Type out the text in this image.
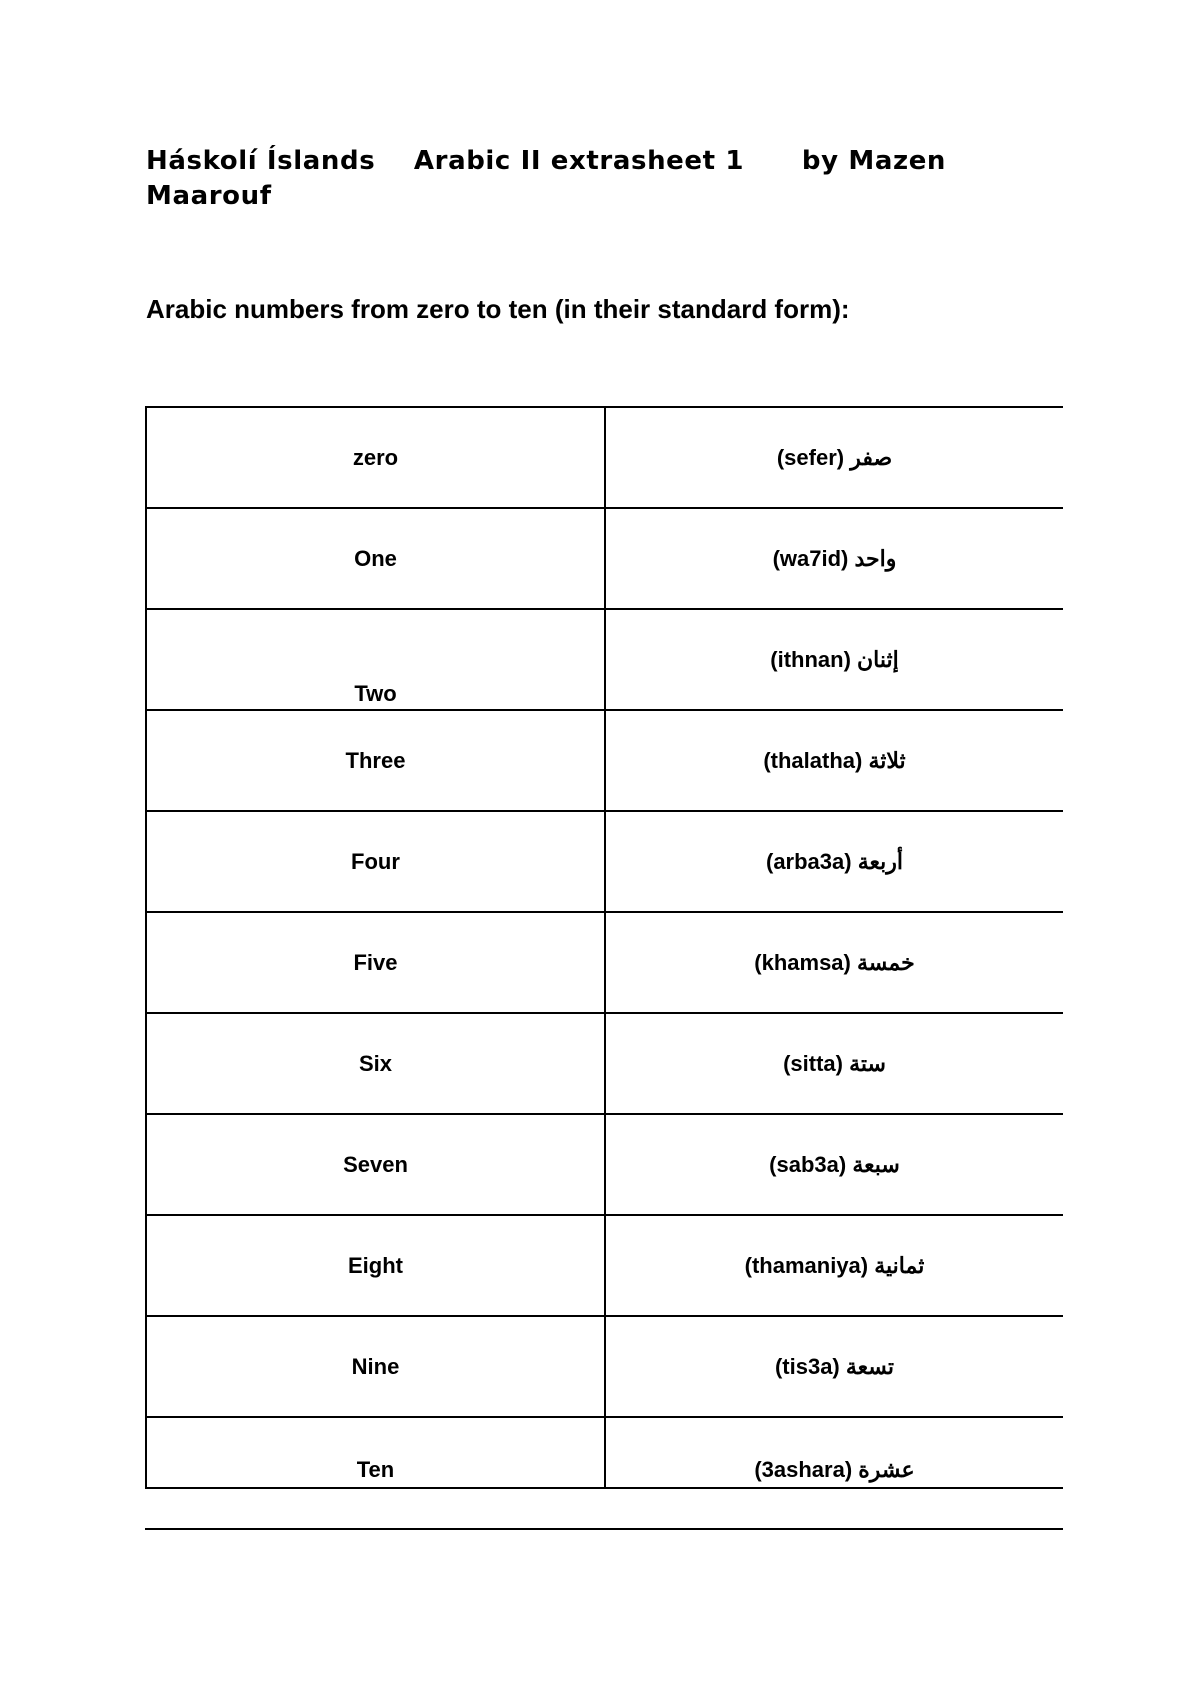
Háskolí Íslands    Arabic II extrasheet 1      by Mazen Maarouf
Arabic numbers from zero to ten (in their standard form):
zero	(sefer) صفر
One	(wa7id) واحد
Two	(ithnan) إثنان
Three	(thalatha) ثلاثة
Four	(arba3a) أربعة
Five	(khamsa) خمسة
Six	(sitta) ستة
Seven	(sab3a) سبعة
Eight	(thamaniya) ثمانية
Nine	(tis3a) تسعة
Ten	(3ashara) عشرة
